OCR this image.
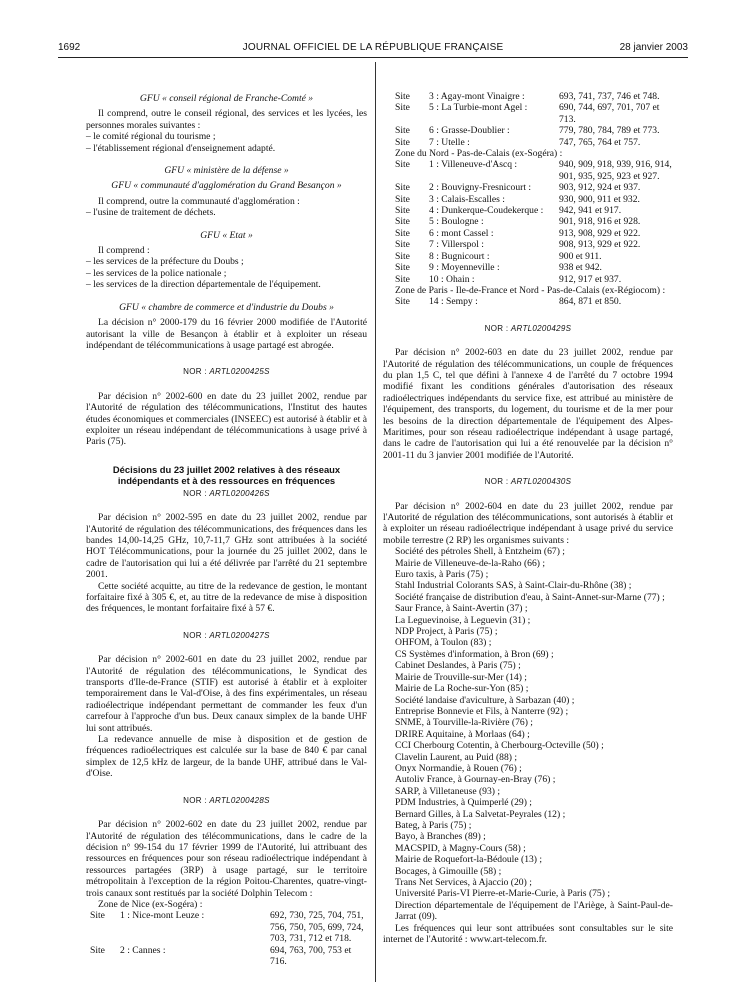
1692	JOURNAL OFFICIEL DE LA RÉPUBLIQUE FRANÇAISE	28 janvier 2003

GFU « conseil régional de Franche-Comté »

Il comprend, outre le conseil régional, des services et les lycées, les personnes morales suivantes :

– le comité régional du tourisme ;

– l'établissement régional d'enseignement adapté.

GFU « ministère de la défense »

GFU « communauté d'agglomération du Grand Besançon »

Il comprend, outre la communauté d'agglomération :

– l'usine de traitement de déchets.

GFU « Etat »

Il comprend :

– les services de la préfecture du Doubs ;

– les services de la police nationale ;

– les services de la direction départementale de l'équipement.

GFU « chambre de commerce et d'industrie du Doubs »

La décision n° 2000-179 du 16 février 2000 modifiée de l'Autorité autorisant la ville de Besançon à établir et à exploiter un réseau indépendant de télécommunications à usage partagé est abrogée.

NOR : ARTL0200425S

Par décision n° 2002-600 en date du 23 juillet 2002, rendue par l'Autorité de régulation des télécommunications, l'Institut des hautes études économiques et commerciales (INSEEC) est autorisé à établir et à exploiter un réseau indépendant de télécommunications à usage privé à Paris (75).

Décisions du 23 juillet 2002 relatives à des réseaux indépendants et à des ressources en fréquences

NOR : ARTL0200426S

Par décision n° 2002-595 en date du 23 juillet 2002, rendue par l'Autorité de régulation des télécommunications, des fréquences dans les bandes 14,00-14,25 GHz, 10,7-11,7 GHz sont attribuées à la société HOT Télécommunications, pour la journée du 25 juillet 2002, dans le cadre de l'autorisation qui lui a été délivrée par l'arrêté du 21 septembre 2001.

Cette société acquitte, au titre de la redevance de gestion, le montant forfaitaire fixé à 305 €, et, au titre de la redevance de mise à disposition des fréquences, le montant forfaitaire fixé à 57 €.

NOR : ARTL0200427S

Par décision n° 2002-601 en date du 23 juillet 2002, rendue par l'Autorité de régulation des télécommunications, le Syndicat des transports d'Ile-de-France (STIF) est autorisé à établir et à exploiter temporairement dans le Val-d'Oise, à des fins expérimentales, un réseau radioélectrique indépendant permettant de commander les feux d'un carrefour à l'approche d'un bus. Deux canaux simplex de la bande UHF lui sont attribués.

La redevance annuelle de mise à disposition et de gestion de fréquences radioélectriques est calculée sur la base de 840 € par canal simplex de 12,5 kHz de largeur, de la bande UHF, attribué dans le Val-d'Oise.

NOR : ARTL0200428S

Par décision n° 2002-602 en date du 23 juillet 2002, rendue par l'Autorité de régulation des télécommunications, dans le cadre de la décision n° 99-154 du 17 février 1999 de l'Autorité, lui attribuant des ressources en fréquences pour son réseau radioélectrique indépendant à ressources partagées (3RP) à usage partagé, sur le territoire métropolitain à l'exception de la région Poitou-Charentes, quatre-vingt-trois canaux sont restitués par la société Dolphin Telecom :

Zone de Nice (ex-Sogéra) :

Site	1 : Nice-mont Leuze :	692, 730, 725, 704, 751, 756, 750, 705, 699, 724, 703, 731, 712 et 718.
Site	2 : Cannes :	694, 763, 700, 753 et 716.
Site	3 : Agay-mont Vinaigre :	693, 741, 737, 746 et 748.
Site	5 : La Turbie-mont Agel :	690, 744, 697, 701, 707 et 713.
Site	6 : Grasse-Doublier :	779, 780, 784, 789 et 773.
Site	7 : Utelle :	747, 765, 764 et 757.

Zone du Nord - Pas-de-Calais (ex-Sogéra) :

Site	1 : Villeneuve-d'Ascq :	940, 909, 918, 939, 916, 914, 901, 935, 925, 923 et 927.
Site	2 : Bouvigny-Fresnicourt :	903, 912, 924 et 937.
Site	3 : Calais-Escalles :	930, 900, 911 et 932.
Site	4 : Dunkerque-Coudekerque :	942, 941 et 917.
Site	5 : Boulogne :	901, 918, 916 et 928.
Site	6 : mont Cassel :	913, 908, 929 et 922.
Site	7 : Villerspol :	908, 913, 929 et 922.
Site	8 : Bugnicourt :	900 et 911.
Site	9 : Moyenneville :	938 et 942.
Site	10 : Ohain :	912, 917 et 937.

Zone de Paris - Ile-de-France et Nord - Pas-de-Calais (ex-Régiocom) :

Site	14 : Sempy :	864, 871 et 850.

NOR : ARTL0200429S

Par décision n° 2002-603 en date du 23 juillet 2002, rendue par l'Autorité de régulation des télécommunications, un couple de fréquences du plan 1,5 C, tel que défini à l'annexe 4 de l'arrêté du 7 octobre 1994 modifié fixant les conditions générales d'autorisation des réseaux radioélectriques indépendants du service fixe, est attribué au ministère de l'équipement, des transports, du logement, du tourisme et de la mer pour les besoins de la direction départementale de l'équipement des Alpes-Maritimes, pour son réseau radioélectrique indépendant à usage partagé, dans le cadre de l'autorisation qui lui a été renouvelée par la décision n° 2001-11 du 3 janvier 2001 modifiée de l'Autorité.

NOR : ARTL0200430S

Par décision n° 2002-604 en date du 23 juillet 2002, rendue par l'Autorité de régulation des télécommunications, sont autorisés à établir et à exploiter un réseau radioélectrique indépendant à usage privé du service mobile terrestre (2 RP) les organismes suivants :

Société des pétroles Shell, à Entzheim (67) ;

Mairie de Villeneuve-de-la-Raho (66) ;

Euro taxis, à Paris (75) ;

Stahl Industrial Colorants SAS, à Saint-Clair-du-Rhône (38) ;

Société française de distribution d'eau, à Saint-Annet-sur-Marne (77) ;

Saur France, à Saint-Avertin (37) ;

La Leguevinoise, à Leguevin (31) ;

NDP Project, à Paris (75) ;

OHFOM, à Toulon (83) ;

CS Systèmes d'information, à Bron (69) ;

Cabinet Deslandes, à Paris (75) ;

Mairie de Trouville-sur-Mer (14) ;

Mairie de La Roche-sur-Yon (85) ;

Société landaise d'aviculture, à Sarbazan (40) ;

Entreprise Bonnevie et Fils, à Nanterre (92) ;

SNME, à Tourville-la-Rivière (76) ;

DRIRE Aquitaine, à Morlaas (64) ;

CCI Cherbourg Cotentin, à Cherbourg-Octeville (50) ;

Clavelin Laurent, au Puid (88) ;

Onyx Normandie, à Rouen (76) ;

Autoliv France, à Gournay-en-Bray (76) ;

SARP, à Villetaneuse (93) ;

PDM Industries, à Quimperlé (29) ;

Bernard Gilles, à La Salvetat-Peyrales (12) ;

Bateg, à Paris (75) ;

Bayo, à Branches (89) ;

MACSPID, à Magny-Cours (58) ;

Mairie de Roquefort-la-Bédoule (13) ;

Bocages, à Gimouille (58) ;

Trans Net Services, à Ajaccio (20) ;

Université Paris-VI Pierre-et-Marie-Curie, à Paris (75) ;

Direction départementale de l'équipement de l'Ariège, à Saint-Paul-de-Jarrat (09).

Les fréquences qui leur sont attribuées sont consultables sur le site internet de l'Autorité : www.art-telecom.fr.
